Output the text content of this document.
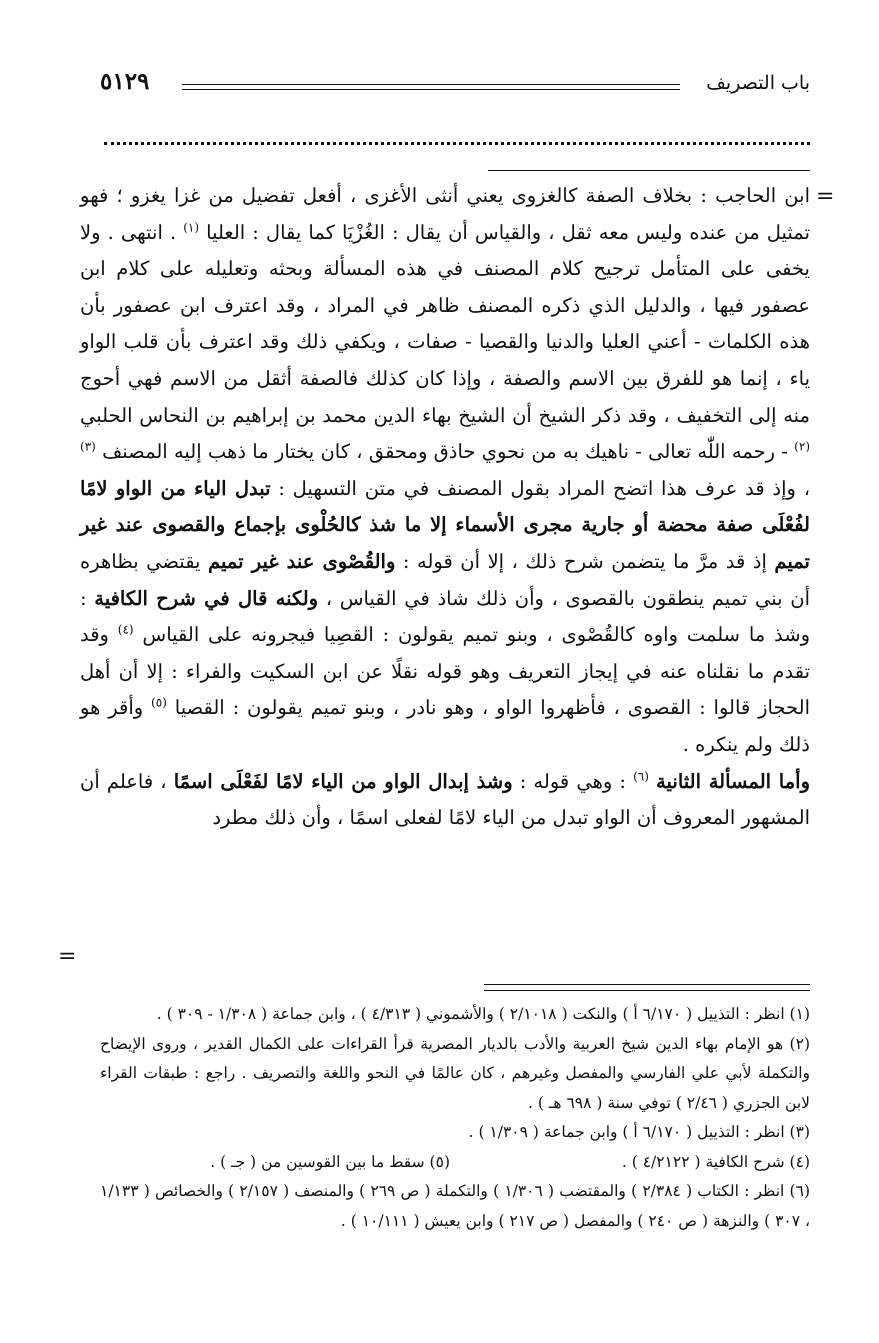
باب التصريف
٥١٢٩
=

ابن الحاجب : بخلاف الصفة كالغزوى يعني أنثى الأغزى ، أفعل تفضيل من غزا يغزو ؛ فهو تمثيل من عنده وليس معه ثقل ، والقياس أن يقال : الغُزْيَا كما يقال : العليا $^{(١)}$ . انتهى . ولا يخفى على المتأمل ترجيح كلام المصنف في هذه المسألة وبحثه وتعليله على كلام ابن عصفور فيها ، والدليل الذي ذكره المصنف ظاهر في المراد ، وقد اعترف ابن عصفور بأن هذه الكلمات - أعني العليا والدنيا والقصيا - صفات ، ويكفي ذلك وقد اعترف بأن قلب الواو ياء ، إنما هو للفرق بين الاسم والصفة ، وإذا كان كذلك فالصفة أثقل من الاسم فهي أحوج منه إلى التخفيف ، وقد ذكر الشيخ أن الشيخ بهاء الدين محمد بن إبراهيم بن النحاس الحلبي $^{(٢)}$ - رحمه اللّٰه تعالى - ناهيك به من نحوي حاذق ومحقق ، كان يختار ما ذهب إليه المصنف $^{(٣)}$ ، وإذ قد عرف هذا اتضح المراد بقول المصنف في متن التسهيل : تبدل الياء من الواو لامًا لفُعْلَى صفة محضة أو جارية مجرى الأسماء إلا ما شذ كالحُلْوى بإجماع والقصوى عند غير تميم إذ قد مرَّ ما يتضمن شرح ذلك ، إلا أن قوله : والقُصْوى عند غير تميم يقتضي بظاهره أن بني تميم ينطقون بالقصوى ، وأن ذلك شاذ في القياس ، ولكنه قال في شرح الكافية : وشذ ما سلمت واوه كالقُصْوى ، وبنو تميم يقولون : القصِيا فيجرونه على القياس $^{(٤)}$ وقد تقدم ما نقلناه عنه في إيجاز التعريف وهو قوله نقلًا عن ابن السكيت والفراء : إلا أن أهل الحجاز قالوا : القصوى ، فأظهروا الواو ، وهو نادر ، وبنو تميم يقولون : القصيا $^{(٥)}$ وأقر هو ذلك ولم ينكره .

وأما المسألة الثانية $^{(٦)}$ : وهي قوله : وشذ إبدال الواو من الياء لامًا لفَعْلَى اسمًا ، فاعلم أن المشهور المعروف أن الواو تبدل من الياء لامًا لفعلى اسمًا ، وأن ذلك مطرد

=

(١) انظر : التذييل ( ٦/١٧٠ أ ) والنكت ( ٢/١٠١٨ ) والأشموني ( ٤/٣١٣ ) ، وابن جماعة ( ١/٣٠٨ - ٣٠٩ ) .

(٢) هو الإمام بهاء الدين شيخ العربية والأدب بالديار المصرية قرأ القراءات على الكمال القدير ، وروى الإيضاح والتكملة لأبي علي الفارسي والمفصل وغيرهم ، كان عالمًا في النحو واللغة والتصريف . راجع : طبقات القراء لابن الجزري ( ٢/٤٦ ) توفي سنة ( ٦٩٨ هـ ) .

(٣) انظر : التذييل ( ٦/١٧٠ أ ) وابن جماعة ( ١/٣٠٩ ) .

(٤) شرح الكافية ( ٤/٢١٢٢ ) .
(٥) سقط ما بين القوسين من ( جـ ) .

(٦) انظر : الكتاب ( ٢/٣٨٤ ) والمقتضب ( ١/٣٠٦ ) والتكملة ( ص ٢٦٩ ) والمنصف ( ٢/١٥٧ ) والخصائص ( ١/١٣٣ ، ٣٠٧ ) والنزهة ( ص ٢٤٠ ) والمفصل ( ص ٢١٧ ) وابن يعيش ( ١٠/١١١ ) .
